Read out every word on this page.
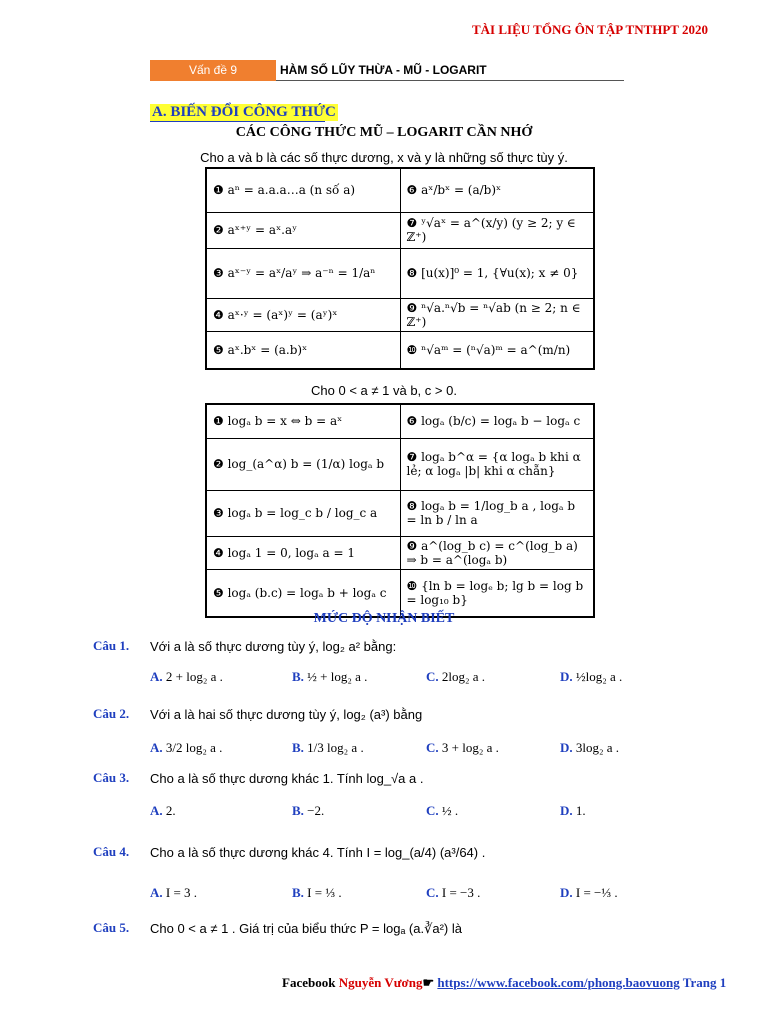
TÀI LIỆU TỔNG ÔN TẬP TNTHPT 2020
Vấn đề 9	HÀM SỐ LŨY THỪA - MŨ - LOGARIT
A. BIẾN ĐỔI CÔNG THỨC
CÁC CÔNG THỨC MŨ – LOGARIT CẦN NHỚ
Cho a và b là các số thực dương, x và y là những số thực tùy ý.
❶ aⁿ = a.a.a…a (n số a)	❻ aˣ/bˣ = (a/b)ˣ
❷ aˣ⁺ʸ = aˣ.aʸ	❼ ʸ√aˣ = a^(x/y) (y ≥ 2; y ∈ ℤ⁺)
❸ aˣ⁻ʸ = aˣ/aʸ ⇒ a⁻ⁿ = 1/aⁿ	❽ [u(x)]⁰ = 1, {∀u(x); x ≠ 0}
❹ aˣ·ʸ = (aˣ)ʸ = (aʸ)ˣ	❾ ⁿ√a.ⁿ√b = ⁿ√ab (n ≥ 2; n ∈ ℤ⁺)
❺ aˣ.bˣ = (a.b)ˣ	❿ ⁿ√aᵐ = (ⁿ√a)ᵐ = a^(m/n)
Cho 0 < a ≠ 1 và b, c > 0.
❶ logₐ b = x ⇔ b = aˣ	❻ logₐ (b/c) = logₐ b − logₐ c
❷ log_(a^α) b = (1/α) logₐ b	❼ logₐ b^α = {α logₐ b khi α lẻ; α logₐ |b| khi α chẵn}
❸ logₐ b = log_c b / log_c a	❽ logₐ b = 1/log_b a , logₐ b = ln b / ln a
❹ logₐ 1 = 0, logₐ a = 1	❾ a^(log_b c) = c^(log_b a) ⇒ b = a^(logₐ b)
❺ logₐ (b.c) = logₐ b + logₐ c	❿ {ln b = logₑ b; lg b = log b = log₁₀ b}
MỨC ĐỘ NHẬN BIẾT
Câu 1. Với a là số thực dương tùy ý, log₂ a² bằng:
A. 2 + log₂ a .	B. ½ + log₂ a .	C. 2log₂ a .	D. ½log₂ a .
Câu 2. Với a là hai số thực dương tùy ý, log₂ (a³) bằng
A. 3/2 log₂ a .	B. 1/3 log₂ a .	C. 3 + log₂ a .	D. 3log₂ a .
Câu 3. Cho a là số thực dương khác 1. Tính log_√a a .
A. 2.	B. −2.	C. ½ .	D. 1.
Câu 4. Cho a là số thực dương khác 4. Tính I = log_(a/4) (a³/64) .
A. I = 3 .	B. I = ⅓ .	C. I = −3 .	D. I = −⅓ .
Câu 5. Cho 0 < a ≠ 1 . Giá trị của biểu thức P = logₐ (a.∛a²) là
Facebook Nguyễn Vương☛ https://www.facebook.com/phong.baovuong Trang 1
